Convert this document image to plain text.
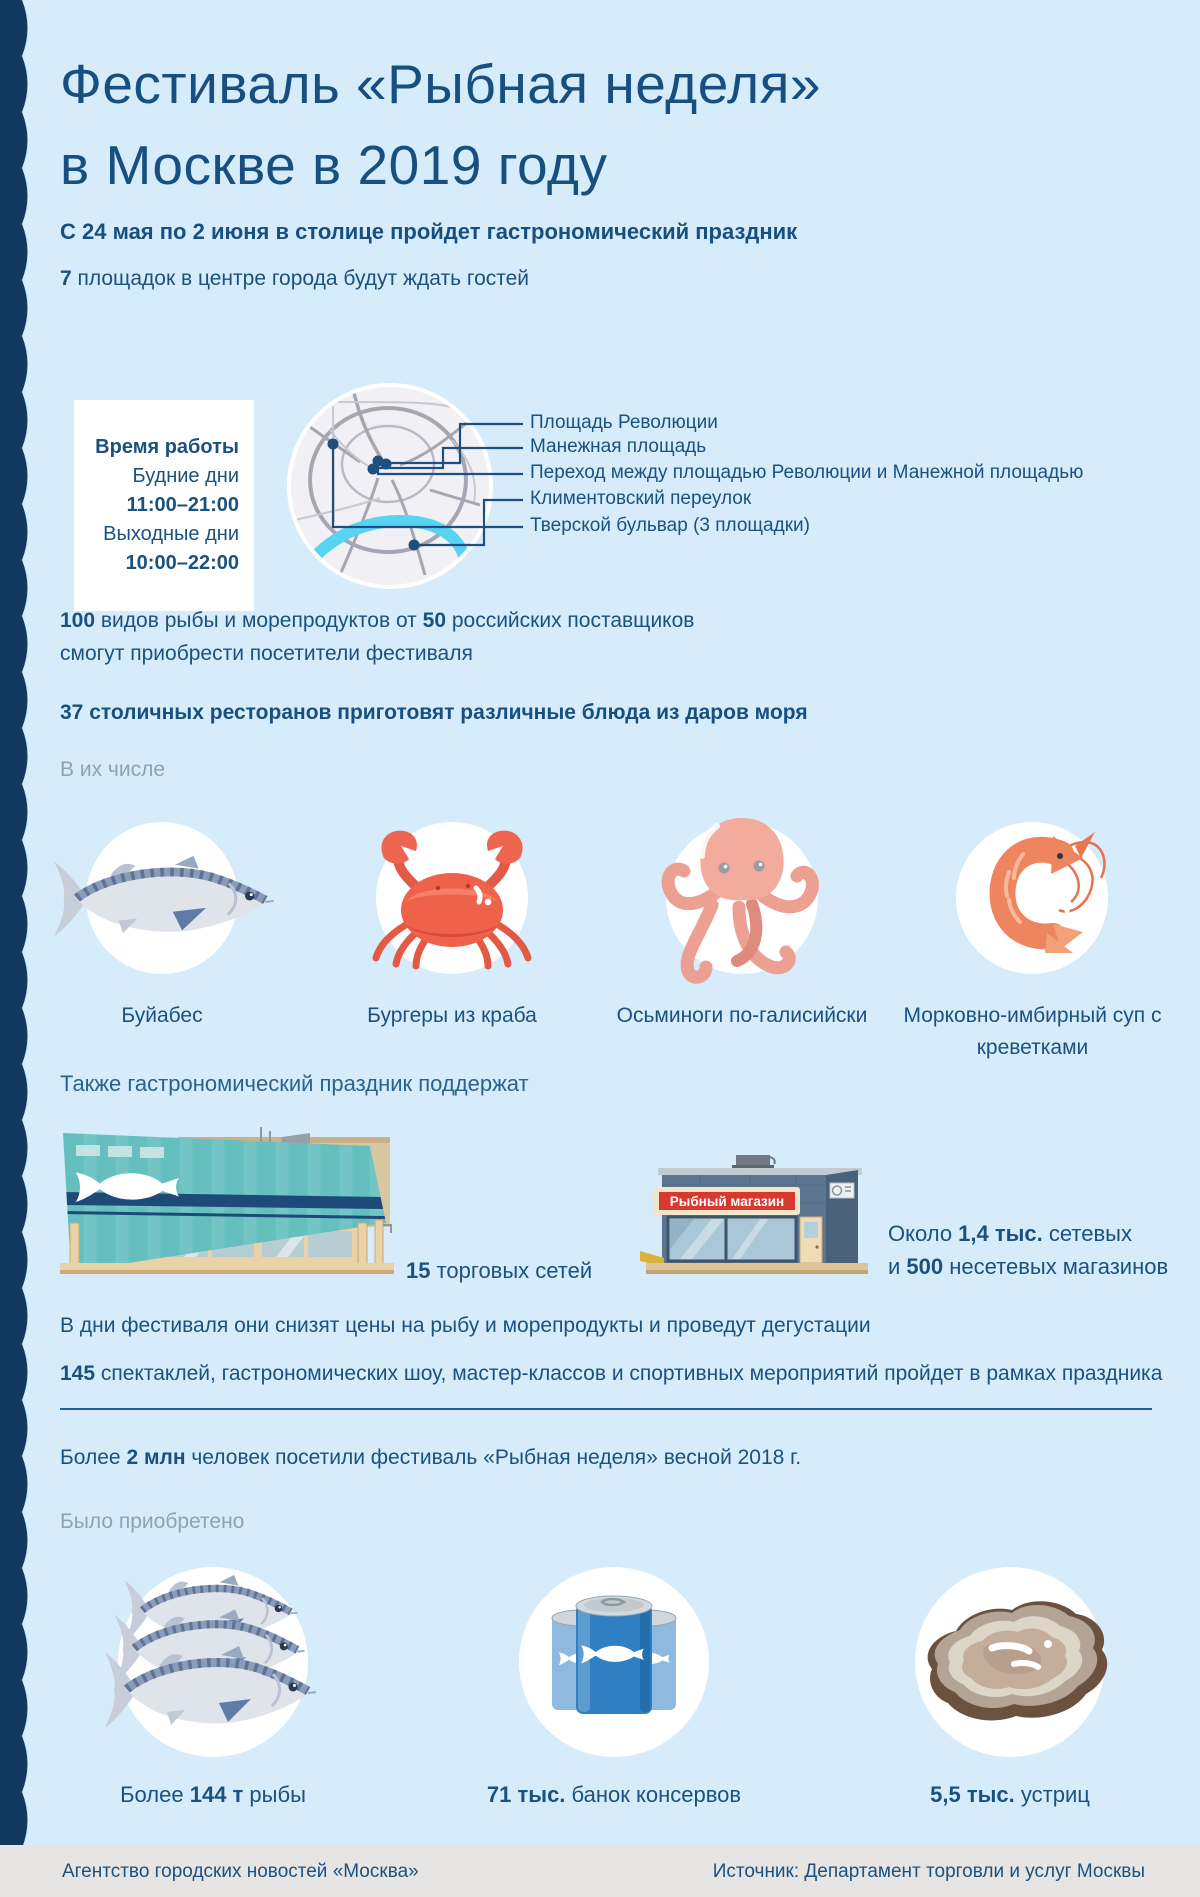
Фестиваль «Рыбная неделя»
в Москве в 2019 году
С 24 мая по 2 июня в столице пройдет гастрономический праздник
7 площадок в центре города будут ждать гостей
Время работы
Будние дни
11:00–21:00
Выходные дни
10:00–22:00
Площадь Революции
Манежная площадь
Переход между площадью Революции и Манежной площадью
Климентовский переулок
Тверской бульвар (3 площадки)
100 видов рыбы и морепродуктов от 50 российских поставщиков смогут приобрести посетители фестиваля
37 столичных ресторанов приготовят различные блюда из даров моря
В их числе
Буйабес	Бургеры из краба	Осьминоги по-галисийски	Морковно-имбирный суп с креветками
Также гастрономический праздник поддержат
15 торговых сетей
Рыбный магазин
Около 1,4 тыс. сетевых
и 500 несетевых магазинов
В дни фестиваля они снизят цены на рыбу и морепродукты и проведут дегустации
145 спектаклей, гастрономических шоу, мастер-классов и спортивных мероприятий пройдет в рамках праздника
Более 2 млн человек посетили фестиваль «Рыбная неделя» весной 2018 г.
Было приобретено
Более 144 т рыбы	71 тыс. банок консервов	5,5 тыс. устриц
Агентство городских новостей «Москва»	Источник: Департамент торговли и услуг Москвы
